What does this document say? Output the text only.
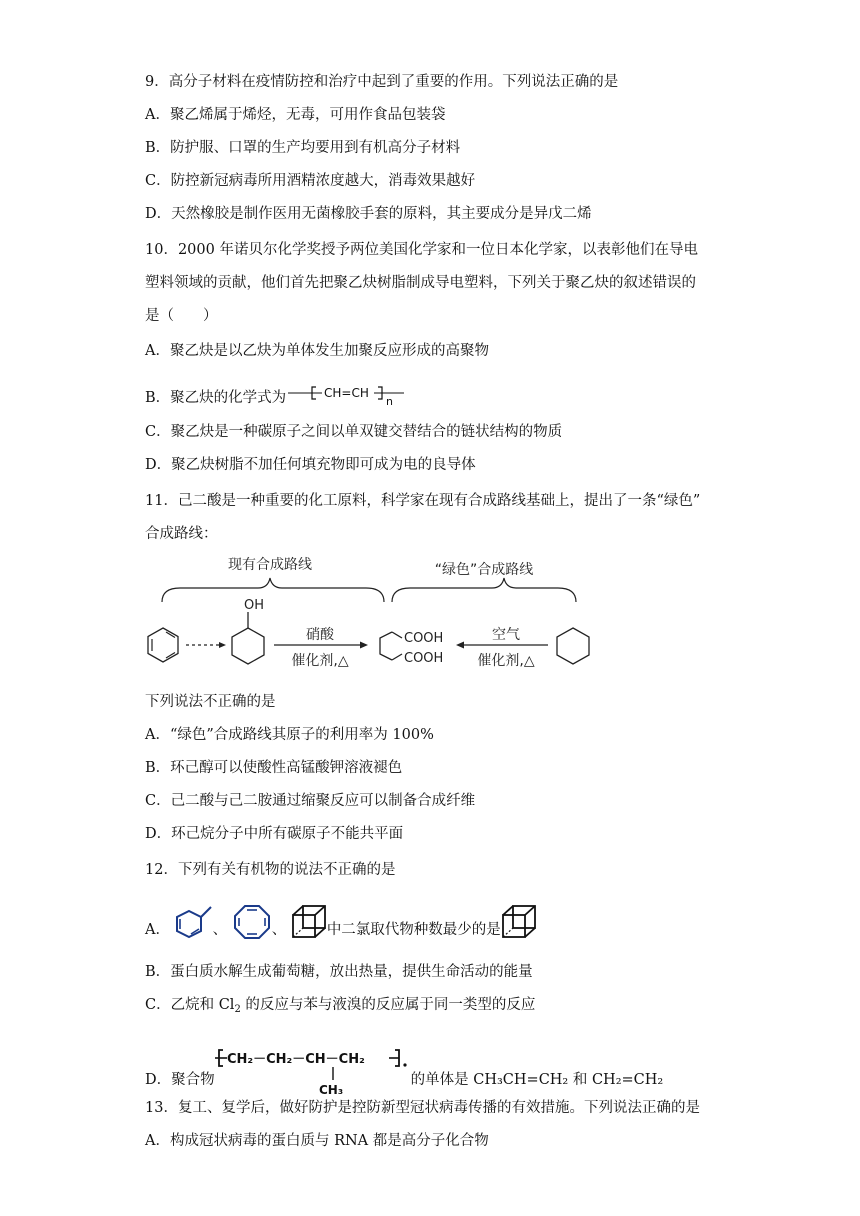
9．高分子材料在疫情防控和治疗中起到了重要的作用。下列说法正确的是
A．聚乙烯属于烯烃，无毒，可用作食品包装袋
B．防护服、口罩的生产均要用到有机高分子材料
C．防控新冠病毒所用酒精浓度越大，消毒效果越好
D．天然橡胶是制作医用无菌橡胶手套的原料，其主要成分是异戊二烯
10．2000 年诺贝尔化学奖授予两位美国化学家和一位日本化学家，以表彰他们在导电
塑料领域的贡献，他们首先把聚乙炔树脂制成导电塑料，下列关于聚乙炔的叙述错误的
是（　　）
A．聚乙炔是以乙炔为单体发生加聚反应形成的高聚物
B．聚乙炔的化学式为	CH=CH
n
C．聚乙炔是一种碳原子之间以单双键交替结合的链状结构的物质
D．聚乙炔树脂不加任何填充物即可成为电的良导体
11．己二酸是一种重要的化工原料，科学家在现有合成路线基础上，提出了一条“绿色”
合成路线：
现有合成路线	“绿色”合成路线
OH
硝酸
催化剂,△
COOH
COOH
空气
催化剂,△
下列说法不正确的是
A．“绿色”合成路线其原子的利用率为 100%
B．环己醇可以使酸性高锰酸钾溶液褪色
C．己二酸与己二胺通过缩聚反应可以制备合成纤维
D．环己烷分子中所有碳原子不能共平面
12．下列有关有机物的说法不正确的是
A．	、	、	中二氯取代物种数最少的是
B．蛋白质水解生成葡萄糖，放出热量，提供生命活动的能量
C．乙烷和 $Cl_2$ 的反应与苯与液溴的反应属于同一类型的反应
D．聚合物
CH₂－CH₂－CH－CH₂
CH₃
的单体是 CH₃CH=CH₂ 和 CH₂=CH₂
13．复工、复学后，做好防护是控防新型冠状病毒传播的有效措施。下列说法正确的是
A．构成冠状病毒的蛋白质与 RNA 都是高分子化合物
